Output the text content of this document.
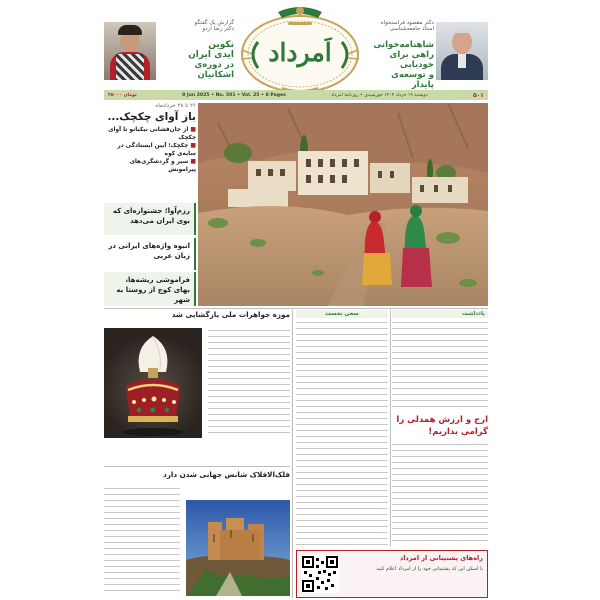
گزارش یک گفتگو
دکتر رضا اردو
نکوین
ایدی ایران
در دوره‌ی اشکانیان
اَمرداد
دکتر مقصود فراستخواه
استاد جامعه‌شناسی
شاهنامه‌خوانی
راهی برای خودیابی
و توسعه‌ی پایدار
۲۵۰۰۰ تومان	9 Jun 2025 • No. 501 • Vol. 25 • 8 Pages	دوشنبه ۱۹ خرداد ۱۴۰۴ خورشیدی • روزنامهٔ امرداد	۵۰۱
۲۶ تا ۲۸ خرداد‌ماه
باز آوای چکچک...
■ از جان‌فشانی نیکبانو تا آوای چکچک
■ چکچک؛ آیین ایستادگی در سایه‌ی کوه
■ سیر و گردشگری‌های پیرامونش
رزم‌آوا؛ جشنواره‌ای که بوی ایران می‌دهد
انبوه واژه‌های ایرانی در زبان عربی
فراموشی ریشه‌ها، بهای کوچ از روستا به شهر
موزه جواهرات ملی بازگشایی شد
فلک‌الافلاک شانس جهانی شدن دارد
سخن نخست	یادداشت
ارج و ارزش همدلی را
گرامی بداریم!
راه‌های پشتیبانی از امرداد
با اسکن این کد پشتیبانی خود را از امرداد اعلام کنید
